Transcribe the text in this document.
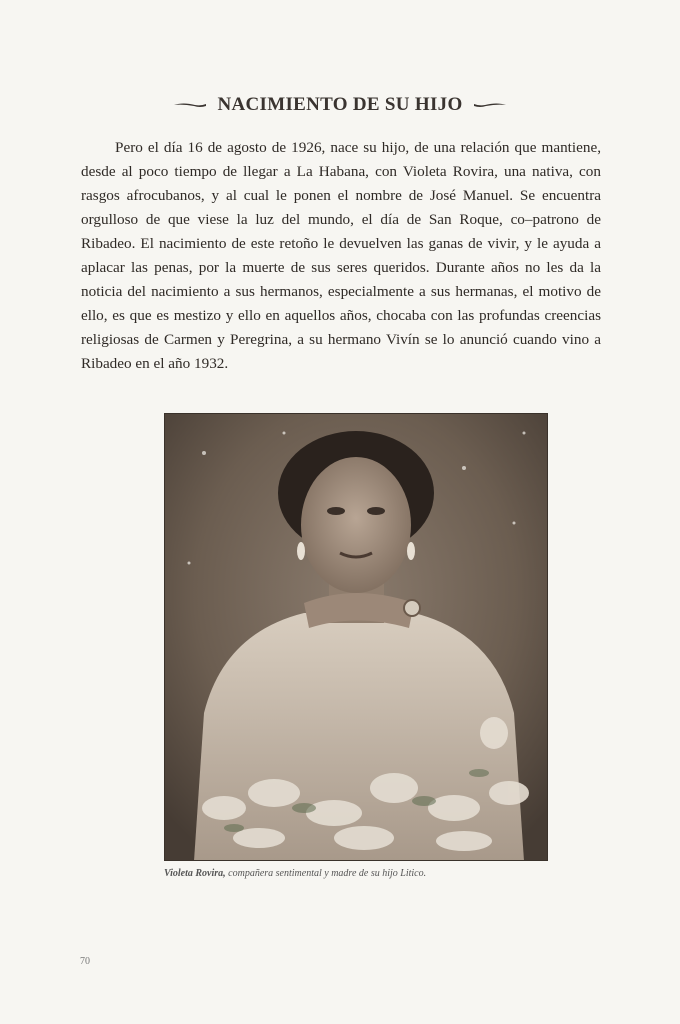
NACIMIENTO DE SU HIJO

Pero el día 16 de agosto de 1926, nace su hijo, de una relación que mantiene, desde al poco tiempo de llegar a La Habana, con Violeta Rovira, una nativa, con rasgos afrocubanos, y al cual le ponen el nombre de José Manuel. Se encuentra orgulloso de que viese la luz del mundo, el día de San Roque, co–patrono de Ribadeo. El nacimiento de este retoño le devuelven las ganas de vivir, y le ayuda a aplacar las penas, por la muerte de sus seres queridos. Durante años no les da la noticia del nacimiento a sus hermanos, especialmente a sus hermanas, el motivo de ello, es que es mestizo y ello en aquellos años, chocaba con las profundas creencias religiosas de Carmen y Peregrina, a su hermano Vivín se lo anunció cuando vino a Ribadeo en el año 1932.

Violeta Rovira, compañera sentimental y madre de su hijo Litico.
70
